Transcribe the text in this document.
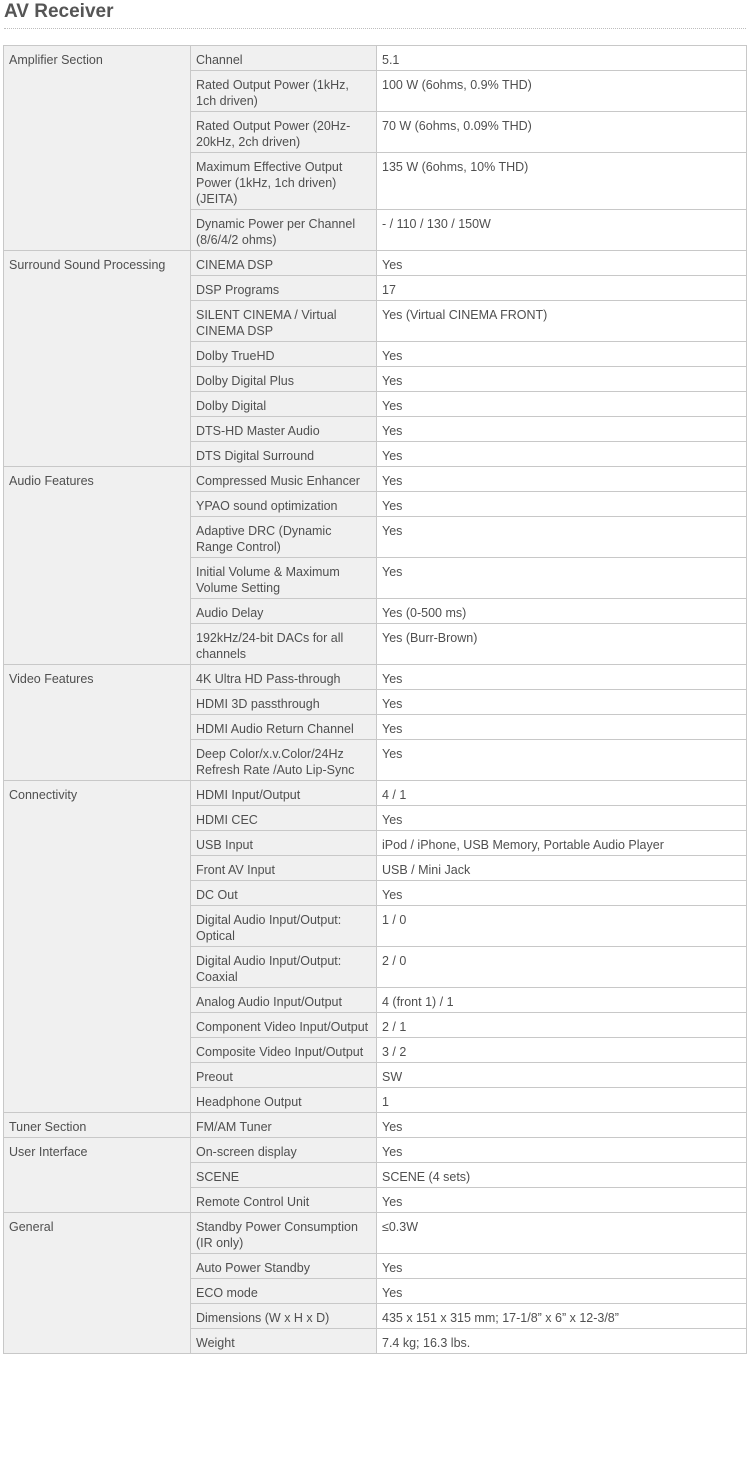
AV Receiver
Amplifier Section	Channel	5.1
	Rated Output Power (1kHz, 1ch driven)	100 W (6ohms, 0.9% THD)
	Rated Output Power (20Hz-20kHz, 2ch driven)	70 W (6ohms, 0.09% THD)
	Maximum Effective Output Power (1kHz, 1ch driven) (JEITA)	135 W (6ohms, 10% THD)
	Dynamic Power per Channel (8/6/4/2 ohms)	- / 110 / 130 / 150W
Surround Sound Processing	CINEMA DSP	Yes
	DSP Programs	17
	SILENT CINEMA / Virtual CINEMA DSP	Yes (Virtual CINEMA FRONT)
	Dolby TrueHD	Yes
	Dolby Digital Plus	Yes
	Dolby Digital	Yes
	DTS-HD Master Audio	Yes
	DTS Digital Surround	Yes
Audio Features	Compressed Music Enhancer	Yes
	YPAO sound optimization	Yes
	Adaptive DRC (Dynamic Range Control)	Yes
	Initial Volume & Maximum Volume Setting	Yes
	Audio Delay	Yes (0-500 ms)
	192kHz/24-bit DACs for all channels	Yes (Burr-Brown)
Video Features	4K Ultra HD Pass-through	Yes
	HDMI 3D passthrough	Yes
	HDMI Audio Return Channel	Yes
	Deep Color/x.v.Color/24Hz Refresh Rate /Auto Lip-Sync	Yes
Connectivity	HDMI Input/Output	4 / 1
	HDMI CEC	Yes
	USB Input	iPod / iPhone, USB Memory, Portable Audio Player
	Front AV Input	USB / Mini Jack
	DC Out	Yes
	Digital Audio Input/Output: Optical	1 / 0
	Digital Audio Input/Output: Coaxial	2 / 0
	Analog Audio Input/Output	4 (front 1) / 1
	Component Video Input/Output	2 / 1
	Composite Video Input/Output	3 / 2
	Preout	SW
	Headphone Output	1
Tuner Section	FM/AM Tuner	Yes
User Interface	On-screen display	Yes
	SCENE	SCENE (4 sets)
	Remote Control Unit	Yes
General	Standby Power Consumption (IR only)	≤0.3W
	Auto Power Standby	Yes
	ECO mode	Yes
	Dimensions (W x H x D)	435 x 151 x 315 mm; 17-1/8” x 6” x 12-3/8”
	Weight	7.4 kg; 16.3 lbs.
